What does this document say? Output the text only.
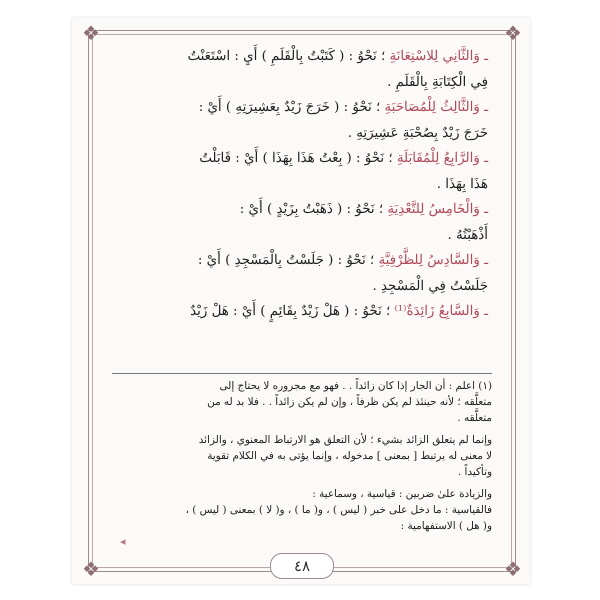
❖	❖
❖	❖
◂
ـ وَالثَّانِي لِلاسْتِعَانَةِ ؛ نَحْوُ : ( كَتَبْتُ بِالْقَلَمِ ) أَيِ : اسْتَعَنْتُ
فِي الْكِتَابَةِ بِالْقَلَمِ .
ـ وَالثَّالِثُ لِلْمُصَاحَبَةِ ؛ نَحْوُ : ( خَرَجَ زَيْدٌ بِعَشِيرَتِهِ ) أَيْ :
خَرَجَ زَيْدٌ بِصُحْبَةِ عَشِيرَتِهِ .
ـ وَالرَّابِعُ لِلْمُقَابَلَةِ ؛ نَحْوُ : ( بِعْتُ هَذَا بِهَذَا ) أَيْ : قَابَلْتُ
هَذَا بِهَذَا .
ـ وَالْخَامِسُ لِلتَّعْدِيَةِ ؛ نَحْوُ : ( ذَهَبْتُ بِزَيْدٍ ) أَيْ :
أَذْهَبْتُهُ .
ـ وَالسَّادِسُ لِلظَّرْفِيَّةِ ؛ نَحْوُ : ( جَلَسْتُ بِالْمَسْجِدِ ) أَيْ :
جَلَسْتُ فِي الْمَسْجِدِ .
ـ وَالسَّابِعُ زَائِدَةٌ⁽¹⁾ ؛ نَحْوُ : ( هَلْ زَيْدٌ بِقَائِمٍ ) أَيْ : هَلْ زَيْدٌ
(١) اعلم : أن الجار إذا كان زائداً . . فهو مع مجروره لا يحتاج إلى
متعلَّقه ؛ لأنه حينئذ لم يكن ظرفاً ، وإن لم يكن زائداً . . فلا بد له من
متعلَّقه .
وإنما لم يتعلق الزائد بشيء ؛ لأن التعلق هو الارتباط المعنوي ، والزائد
لا معنى له يرتبط [ بمعنى ] مدخوله ، وإنما يؤتى به في الكلام تقوية
وتأكيداً .
والزيادة علىٰ ضربين : قياسية ، وسماعية :
فالقياسية : ما دخل على خبر ( ليس ) ، و( ما ) ، و( لا ) بمعنى ( ليس ) ،
و( هل ) الاستفهامية :
٤٨
